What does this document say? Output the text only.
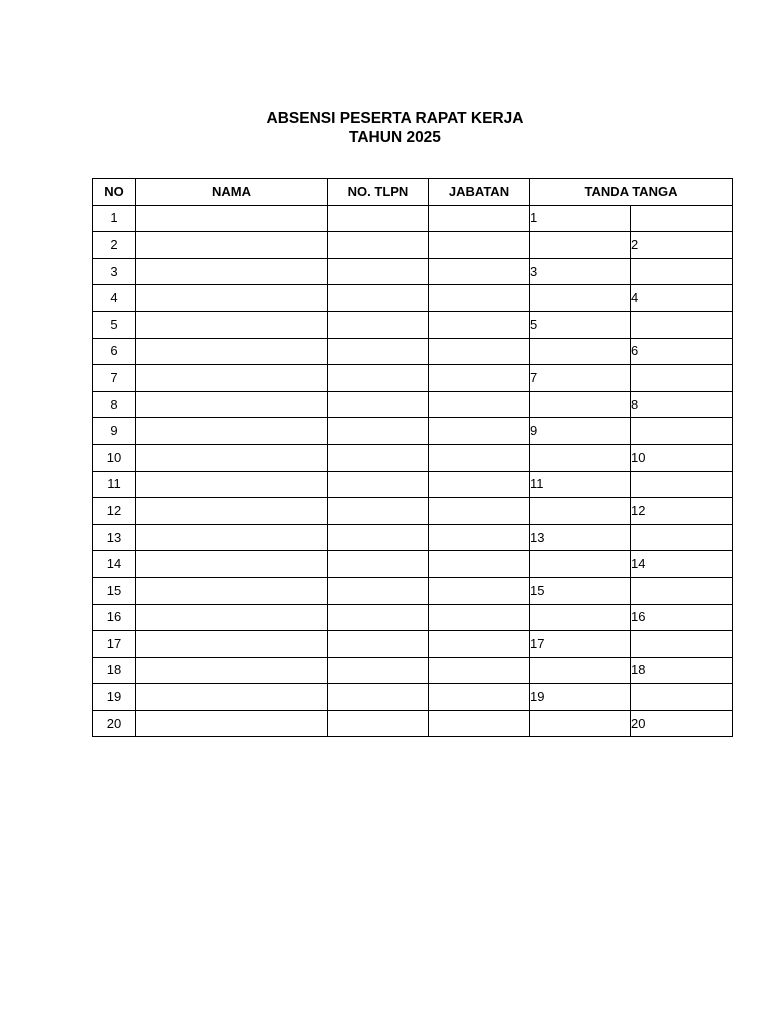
ABSENSI PESERTA RAPAT KERJA

TAHUN 2025

NO	NAMA	NO. TLPN	JABATAN	TANDA TANGA	
1				1	
2					2
3				3	
4					4
5				5	
6					6
7				7	
8					8
9				9	
10					10
11				11	
12					12
13				13	
14					14
15				15	
16					16
17				17	
18					18
19				19	
20					20
